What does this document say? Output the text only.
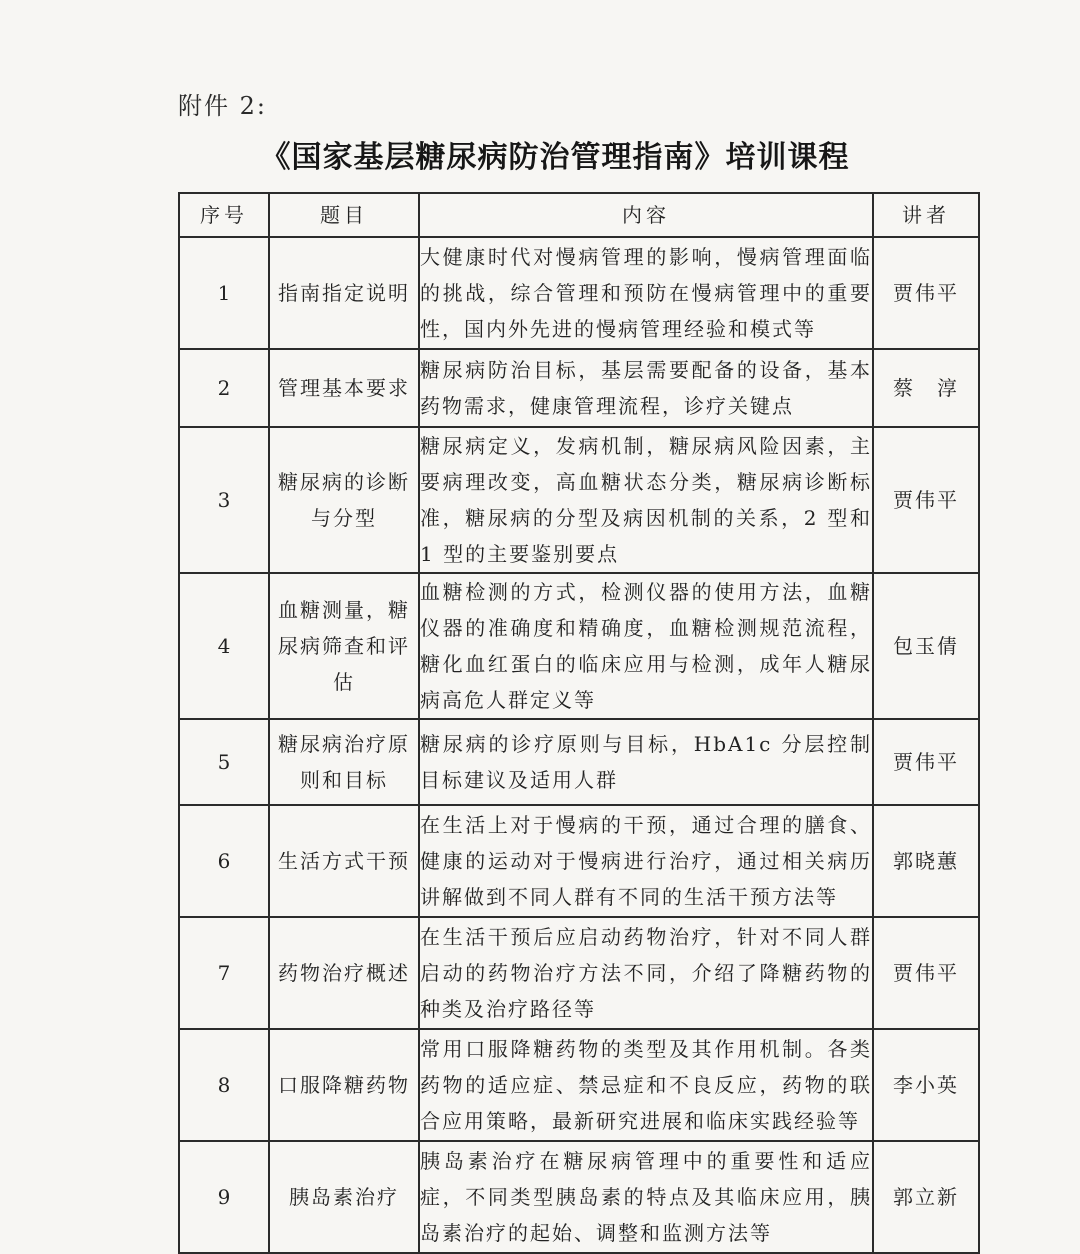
附件 2:
《国家基层糖尿病防治管理指南》培训课程
序号	题目	内容	讲者
1	指南指定说明	大健康时代对慢病管理的影响，慢病管理面临的挑战，综合管理和预防在慢病管理中的重要性，国内外先进的慢病管理经验和模式等	贾伟平
2	管理基本要求	糖尿病防治目标，基层需要配备的设备，基本药物需求，健康管理流程，诊疗关键点	蔡　淳
3	糖尿病的诊断与分型	糖尿病定义，发病机制，糖尿病风险因素，主要病理改变，高血糖状态分类，糖尿病诊断标准，糖尿病的分型及病因机制的关系，2 型和 1 型的主要鉴别要点	贾伟平
4	血糖测量，糖尿病筛查和评估	血糖检测的方式，检测仪器的使用方法，血糖仪器的准确度和精确度，血糖检测规范流程，糖化血红蛋白的临床应用与检测，成年人糖尿病高危人群定义等	包玉倩
5	糖尿病治疗原则和目标	糖尿病的诊疗原则与目标，HbA1c 分层控制目标建议及适用人群	贾伟平
6	生活方式干预	在生活上对于慢病的干预，通过合理的膳食、健康的运动对于慢病进行治疗，通过相关病历讲解做到不同人群有不同的生活干预方法等	郭晓蕙
7	药物治疗概述	在生活干预后应启动药物治疗，针对不同人群启动的药物治疗方法不同，介绍了降糖药物的种类及治疗路径等	贾伟平
8	口服降糖药物	常用口服降糖药物的类型及其作用机制。各类药物的适应症、禁忌症和不良反应，药物的联合应用策略，最新研究进展和临床实践经验等	李小英
9	胰岛素治疗	胰岛素治疗在糖尿病管理中的重要性和适应症，不同类型胰岛素的特点及其临床应用，胰岛素治疗的起始、调整和监测方法等	郭立新
